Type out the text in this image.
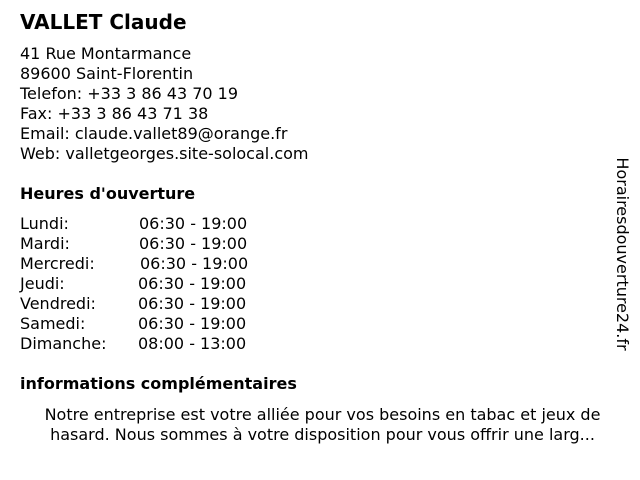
VALLET Claude
41 Rue Montarmance
89600 Saint-Florentin
Telefon: +33 3 86 43 70 19
Fax: +33 3 86 43 71 38
Email: claude.vallet89@orange.fr
Web: valletgeorges.site-solocal.com
Heures d'ouverture
Lundi:	06:30 - 19:00
Mardi:	06:30 - 19:00
Mercredi:	06:30 - 19:00
Jeudi:	06:30 - 19:00
Vendredi:	06:30 - 19:00
Samedi:	06:30 - 19:00
Dimanche: 08:00 - 13:00
informations complémentaires
Notre entreprise est votre alliée pour vos besoins en tabac et jeux de
hasard. Nous sommes à votre disposition pour vous offrir une larg...
Horairesdouverture24.fr
